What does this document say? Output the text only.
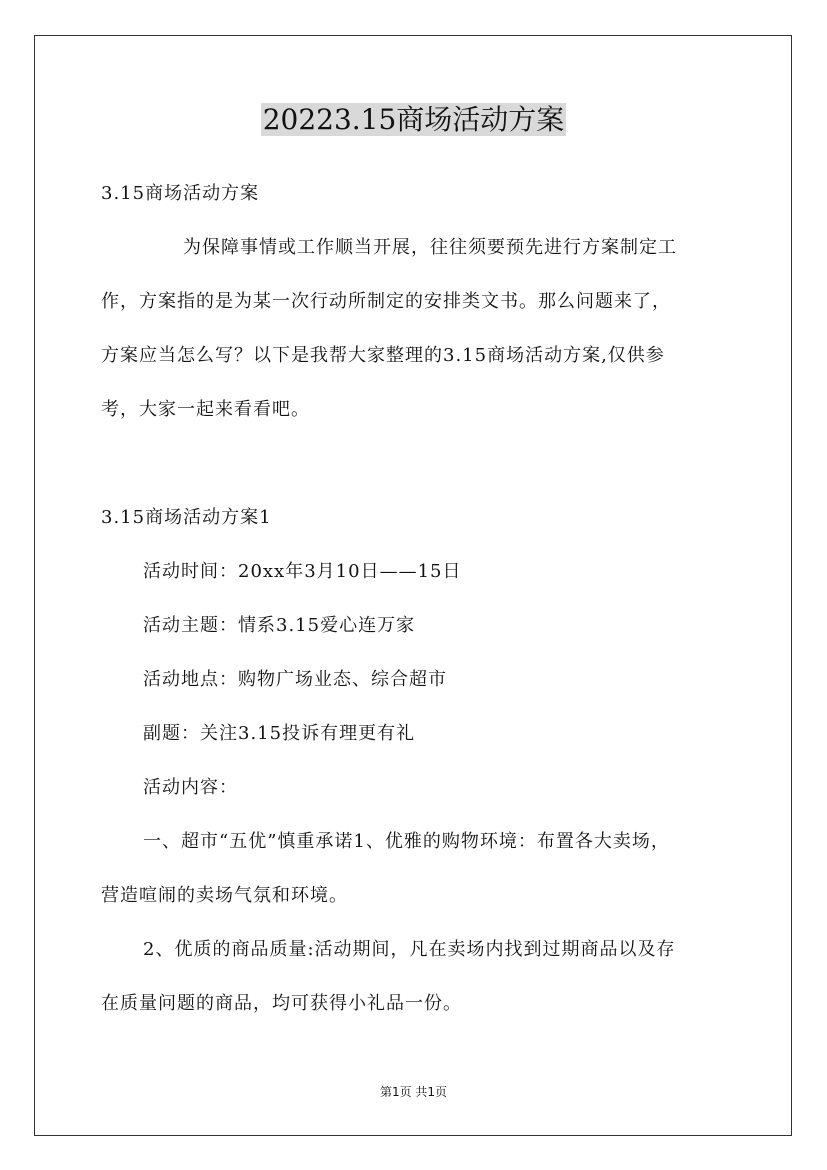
20223.15商场活动方案
3.15商场活动方案
为保障事情或工作顺当开展，往往须要预先进行方案制定工
作，方案指的是为某一次行动所制定的安排类文书。那么问题来了，
方案应当怎么写？以下是我帮大家整理的3.15商场活动方案,仅供参
考，大家一起来看看吧。
3.15商场活动方案1
活动时间：20xx年3月10日——15日
活动主题：情系3.15爱心连万家
活动地点：购物广场业态、综合超市
副题：关注3.15投诉有理更有礼
活动内容：
一、超市“五优”慎重承诺1、优雅的购物环境：布置各大卖场，
营造喧闹的卖场气氛和环境。
2、优质的商品质量:活动期间，凡在卖场内找到过期商品以及存
在质量问题的商品，均可获得小礼品一份。
第1页 共1页
